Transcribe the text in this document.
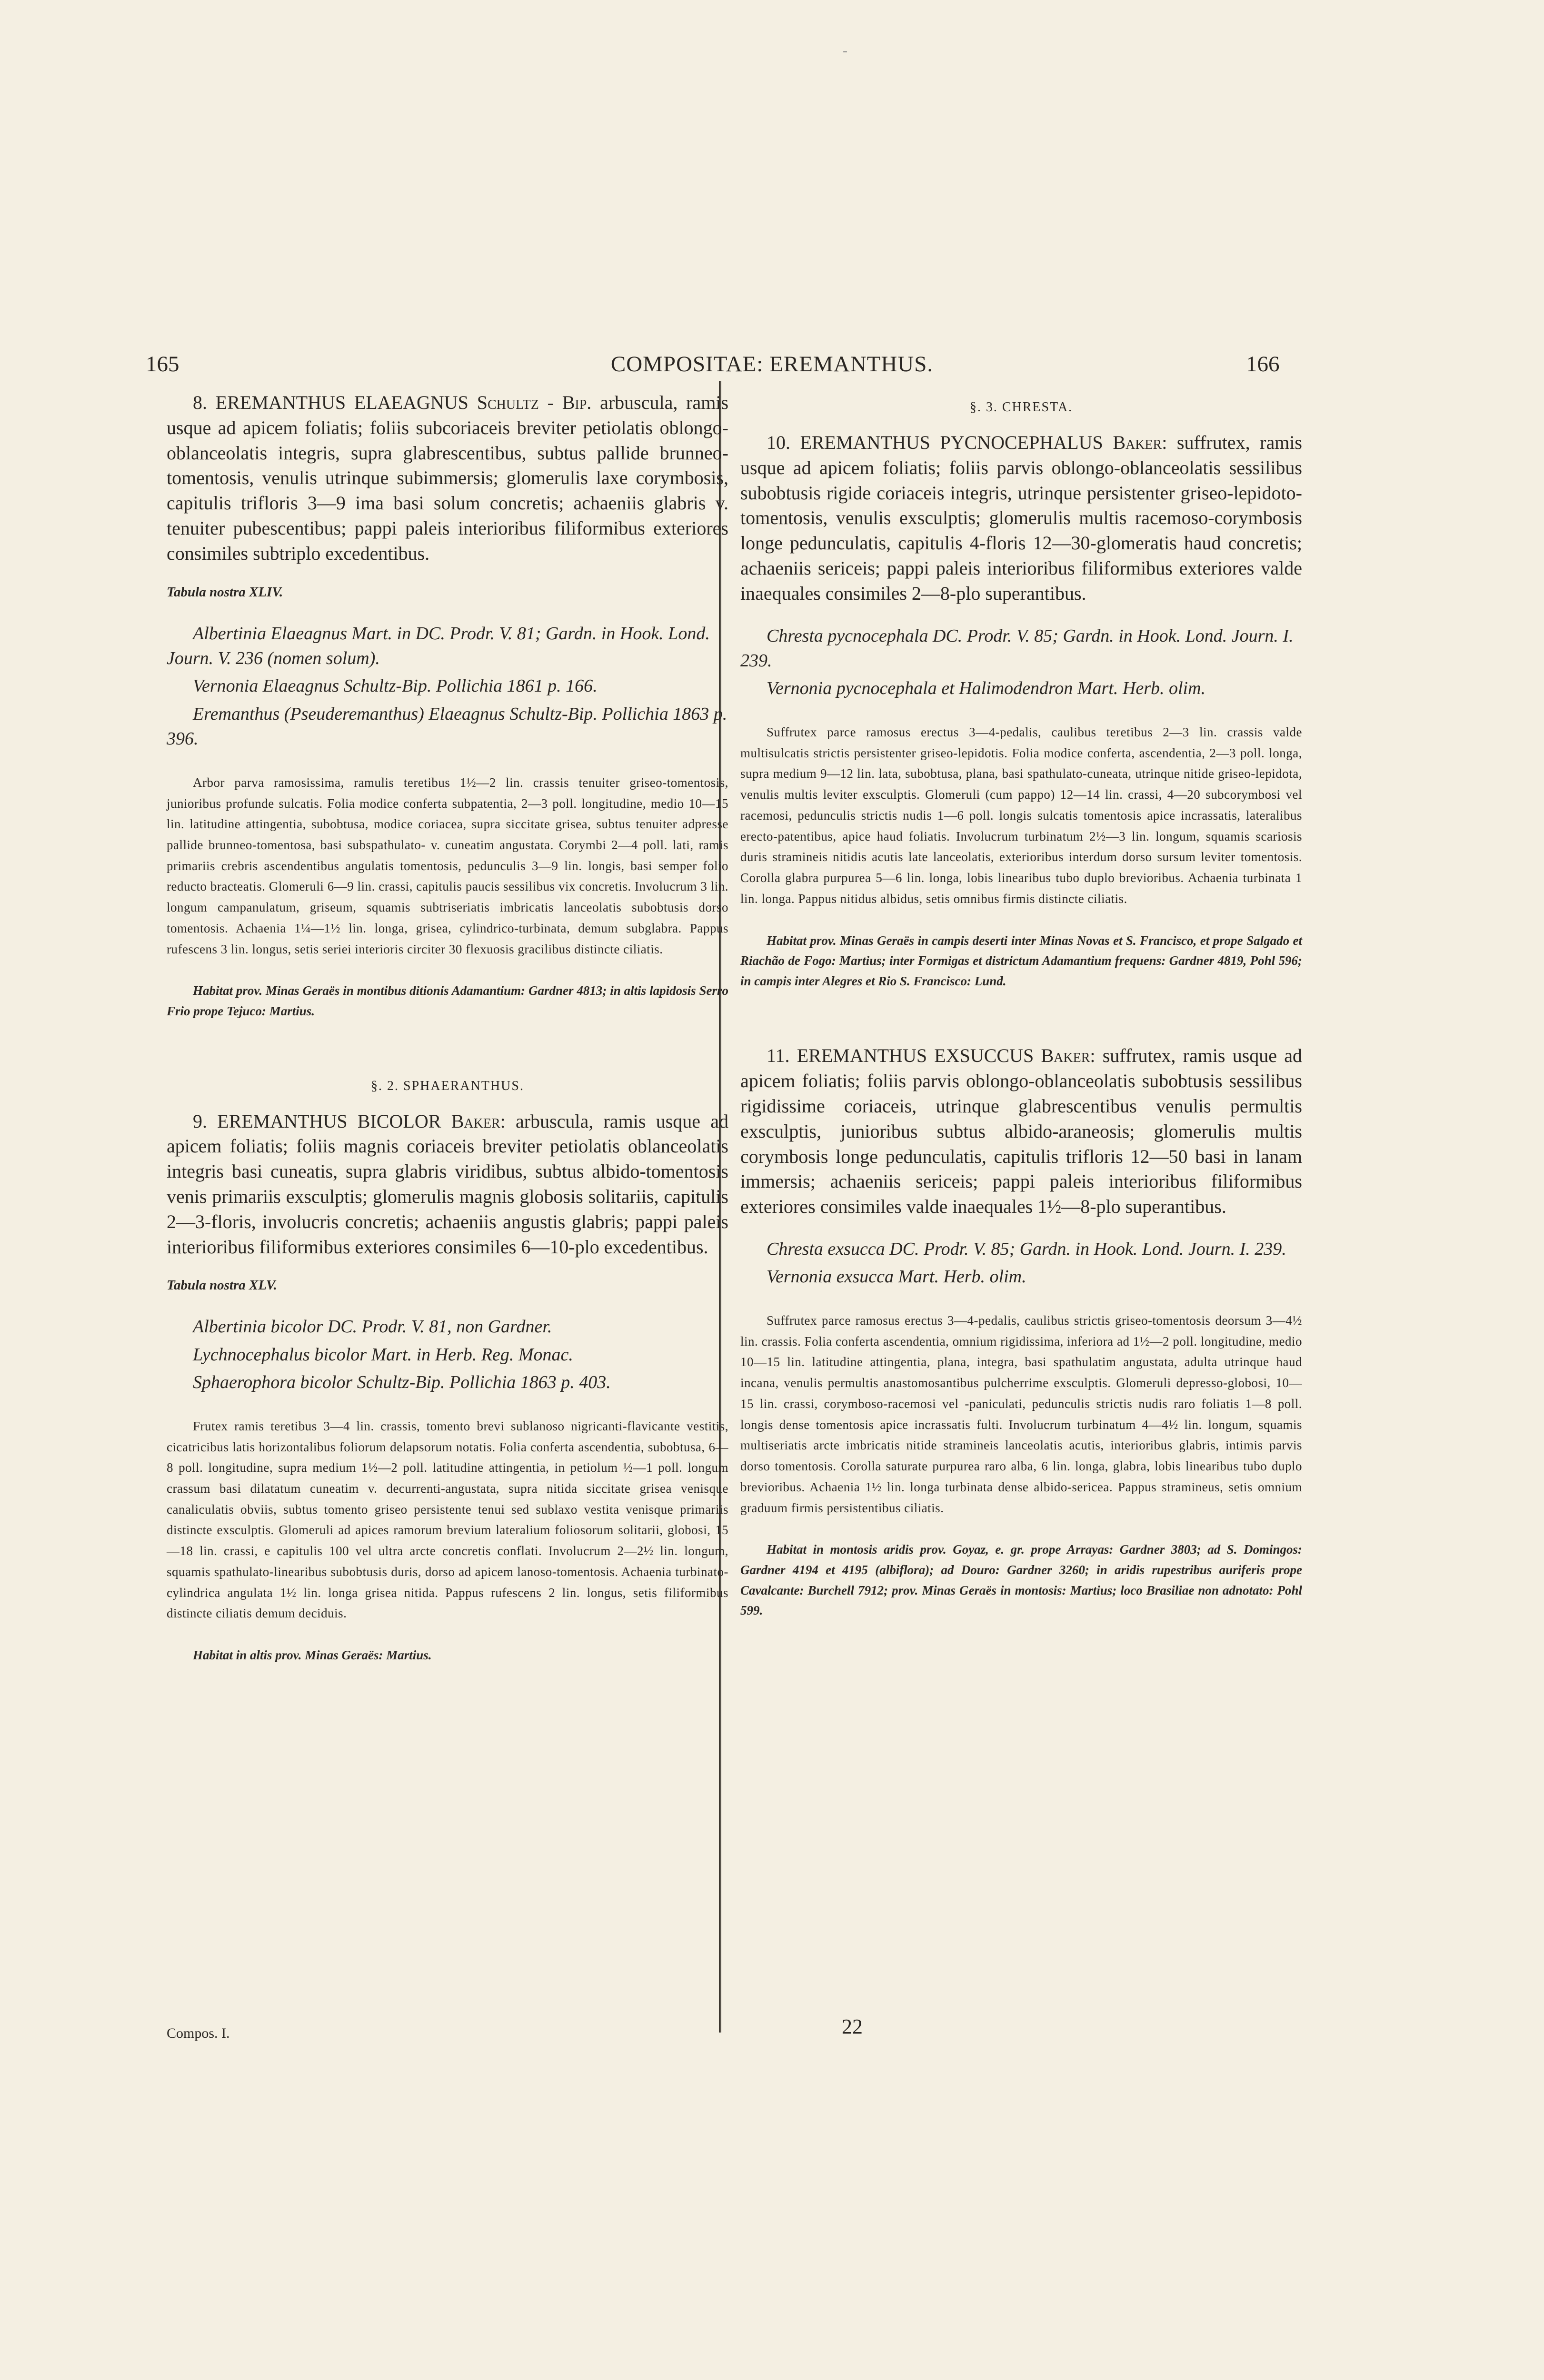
-
165	COMPOSITAE: EREMANTHUS.	166

8. EREMANTHUS ELAEAGNUS Schultz - Bip. arbuscula, ramis usque ad apicem foliatis; foliis subcoriaceis breviter petiolatis oblongo-oblanceolatis integris, supra glabrescentibus, subtus pallide brunneo-tomentosis, venulis utrinque subimmersis; glomerulis laxe corymbosis, capitulis trifloris 3—9 ima basi solum concretis; achaeniis glabris v. tenuiter pubescentibus; pappi paleis interioribus filiformibus exteriores consimiles subtriplo excedentibus.

Tabula nostra XLIV.

Albertinia Elaeagnus Mart. in DC. Prodr. V. 81; Gardn. in Hook. Lond. Journ. V. 236 (nomen solum).

Vernonia Elaeagnus Schultz-Bip. Pollichia 1861 p. 166.

Eremanthus (Pseuderemanthus) Elaeagnus Schultz-Bip. Pollichia 1863 p. 396.

Arbor parva ramosissima, ramulis teretibus 1½—2 lin. crassis tenuiter griseo-tomentosis, junioribus profunde sulcatis. Folia modice conferta subpatentia, 2—3 poll. longitudine, medio 10—15 lin. latitudine attingentia, subobtusa, modice coriacea, supra siccitate grisea, subtus tenuiter adpresse pallide brunneo-tomentosa, basi subspathulato- v. cuneatim angustata. Corymbi 2—4 poll. lati, ramis primariis crebris ascendentibus angulatis tomentosis, pedunculis 3—9 lin. longis, basi semper folio reducto bracteatis. Glomeruli 6—9 lin. crassi, capitulis paucis sessilibus vix concretis. Involucrum 3 lin. longum campanulatum, griseum, squamis subtriseriatis imbricatis lanceolatis subobtusis dorso tomentosis. Achaenia 1¼—1½ lin. longa, grisea, cylindrico-turbinata, demum subglabra. Pappus rufescens 3 lin. longus, setis seriei interioris circiter 30 flexuosis gracilibus distincte ciliatis.

Habitat prov. Minas Geraës in montibus ditionis Adamantium: Gardner 4813; in altis lapidosis Serro Frio prope Tejuco: Martius.

§. 2. SPHAERANTHUS.

9. EREMANTHUS BICOLOR Baker: arbuscula, ramis usque ad apicem foliatis; foliis magnis coriaceis breviter petiolatis oblanceolatis integris basi cuneatis, supra glabris viridibus, subtus albido-tomentosis venis primariis exsculptis; glomerulis magnis globosis solitariis, capitulis 2—3-floris, involucris concretis; achaeniis angustis glabris; pappi paleis interioribus filiformibus exteriores consimiles 6—10-plo excedentibus.

Tabula nostra XLV.

Albertinia bicolor DC. Prodr. V. 81, non Gardner.

Lychnocephalus bicolor Mart. in Herb. Reg. Monac.

Sphaerophora bicolor Schultz-Bip. Pollichia 1863 p. 403.

Frutex ramis teretibus 3—4 lin. crassis, tomento brevi sublanoso nigricanti-flavicante vestitis, cicatricibus latis horizontalibus foliorum delapsorum notatis. Folia conferta ascendentia, subobtusa, 6—8 poll. longitudine, supra medium 1½—2 poll. latitudine attingentia, in petiolum ½—1 poll. longum crassum basi dilatatum cuneatim v. decurrenti-angustata, supra nitida siccitate grisea venisque canaliculatis obviis, subtus tomento griseo persistente tenui sed sublaxo vestita venisque primariis distincte exsculptis. Glomeruli ad apices ramorum brevium lateralium foliosorum solitarii, globosi, 15—18 lin. crassi, e capitulis 100 vel ultra arcte concretis conflati. Involucrum 2—2½ lin. longum, squamis spathulato-linearibus subobtusis duris, dorso ad apicem lanoso-tomentosis. Achaenia turbinato-cylindrica angulata 1½ lin. longa grisea nitida. Pappus rufescens 2 lin. longus, setis filiformibus distincte ciliatis demum deciduis.

Habitat in altis prov. Minas Geraës: Martius.

§. 3. CHRESTA.

10. EREMANTHUS PYCNOCEPHALUS Baker: suffrutex, ramis usque ad apicem foliatis; foliis parvis oblongo-oblanceolatis sessilibus subobtusis rigide coriaceis integris, utrinque persistenter griseo-lepidoto-tomentosis, venulis exsculptis; glomerulis multis racemoso-corymbosis longe pedunculatis, capitulis 4-floris 12—30-glomeratis haud concretis; achaeniis sericeis; pappi paleis interioribus filiformibus exteriores valde inaequales consimiles 2—8-plo superantibus.

Chresta pycnocephala DC. Prodr. V. 85; Gardn. in Hook. Lond. Journ. I. 239.

Vernonia pycnocephala et Halimodendron Mart. Herb. olim.

Suffrutex parce ramosus erectus 3—4-pedalis, caulibus teretibus 2—3 lin. crassis valde multisulcatis strictis persistenter griseo-lepidotis. Folia modice conferta, ascendentia, 2—3 poll. longa, supra medium 9—12 lin. lata, subobtusa, plana, basi spathulato-cuneata, utrinque nitide griseo-lepidota, venulis multis leviter exsculptis. Glomeruli (cum pappo) 12—14 lin. crassi, 4—20 subcorymbosi vel racemosi, pedunculis strictis nudis 1—6 poll. longis sulcatis tomentosis apice incrassatis, lateralibus erecto-patentibus, apice haud foliatis. Involucrum turbinatum 2½—3 lin. longum, squamis scariosis duris stramineis nitidis acutis late lanceolatis, exterioribus interdum dorso sursum leviter tomentosis. Corolla glabra purpurea 5—6 lin. longa, lobis linearibus tubo duplo brevioribus. Achaenia turbinata 1 lin. longa. Pappus nitidus albidus, setis omnibus firmis distincte ciliatis.

Habitat prov. Minas Geraës in campis deserti inter Minas Novas et S. Francisco, et prope Salgado et Riachão de Fogo: Martius; inter Formigas et districtum Adamantium frequens: Gardner 4819, Pohl 596; in campis inter Alegres et Rio S. Francisco: Lund.

11. EREMANTHUS EXSUCCUS Baker: suffrutex, ramis usque ad apicem foliatis; foliis parvis oblongo-oblanceolatis subobtusis sessilibus rigidissime coriaceis, utrinque glabrescentibus venulis permultis exsculptis, junioribus subtus albido-araneosis; glomerulis multis corymbosis longe pedunculatis, capitulis trifloris 12—50 basi in lanam immersis; achaeniis sericeis; pappi paleis interioribus filiformibus exteriores consimiles valde inaequales 1½—8-plo superantibus.

Chresta exsucca DC. Prodr. V. 85; Gardn. in Hook. Lond. Journ. I. 239.

Vernonia exsucca Mart. Herb. olim.

Suffrutex parce ramosus erectus 3—4-pedalis, caulibus strictis griseo-tomentosis deorsum 3—4½ lin. crassis. Folia conferta ascendentia, omnium rigidissima, inferiora ad 1½—2 poll. longitudine, medio 10—15 lin. latitudine attingentia, plana, integra, basi spathulatim angustata, adulta utrinque haud incana, venulis permultis anastomosantibus pulcherrime exsculptis. Glomeruli depresso-globosi, 10—15 lin. crassi, corymboso-racemosi vel -paniculati, pedunculis strictis nudis raro foliatis 1—8 poll. longis dense tomentosis apice incrassatis fulti. Involucrum turbinatum 4—4½ lin. longum, squamis multiseriatis arcte imbricatis nitide stramineis lanceolatis acutis, interioribus glabris, intimis parvis dorso tomentosis. Corolla saturate purpurea raro alba, 6 lin. longa, glabra, lobis linearibus tubo duplo brevioribus. Achaenia 1½ lin. longa turbinata dense albido-sericea. Pappus stramineus, setis omnium graduum firmis persistentibus ciliatis.

Habitat in montosis aridis prov. Goyaz, e. gr. prope Arrayas: Gardner 3803; ad S. Domingos: Gardner 4194 et 4195 (albiflora); ad Douro: Gardner 3260; in aridis rupestribus auriferis prope Cavalcante: Burchell 7912; prov. Minas Geraës in montosis: Martius; loco Brasiliae non adnotato: Pohl 599.

Compos. I.	22
